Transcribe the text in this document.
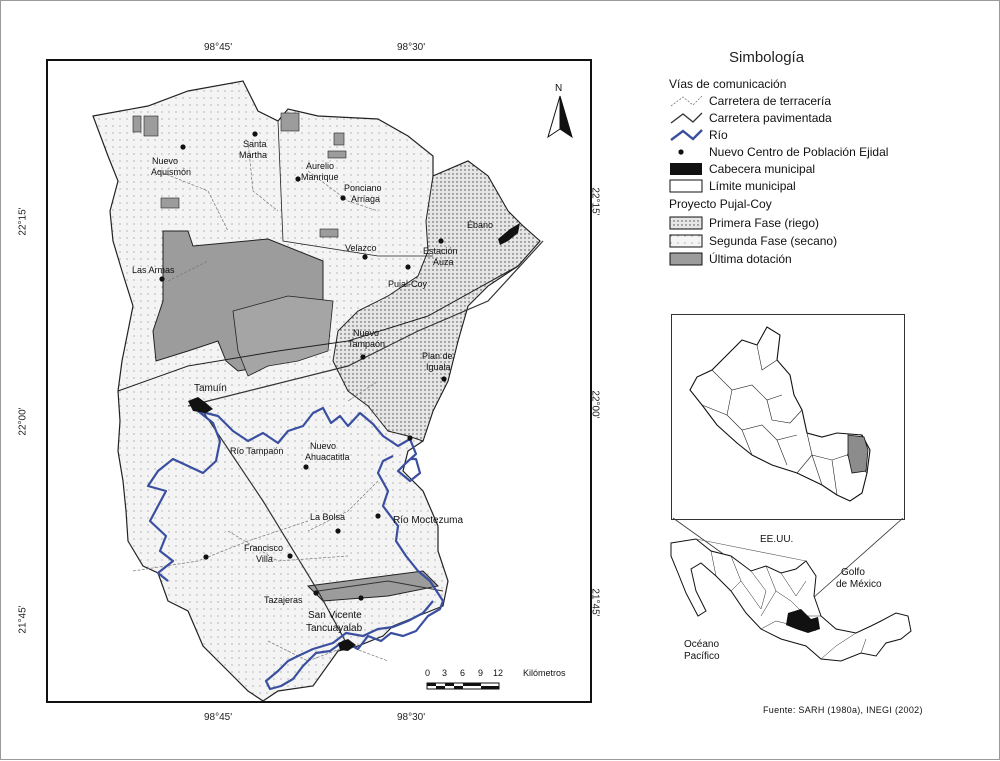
Nuevo
Aquismón
Santa
Martha
Aurelio
Manrique
Ponciano
Arriaga
Ébano
Estación
Auza
Velazco
Las Armas
Pujal-Coy
Nuevo
Tampaón
Plan de
Iguala
Tamuín
Río Tampaón	Nuevo
Ahuacatitla
La Bolsa	Río Moctezuma
Francisco
Villa
Tazajeras
San Vicente
Tancuayalab
N
98°45'	98°30'
98°45'	98°30'
22°15'
22°00'
21°45'
22°15'
22°00'
21°45'
0 3 6 9 12 Kilómetros
Simbología
Vías de comunicación
Carretera de terracería
Carretera pavimentada
Río
Nuevo Centro de Población Ejidal
Cabecera municipal
Límite municipal
Proyecto Pujal-Coy
Primera Fase (riego)
Segunda Fase (secano)
Última dotación
EE.UU.
Golfo
de México
Océano
Pacífico
Fuente: SARH (1980a), INEGI (2002)
